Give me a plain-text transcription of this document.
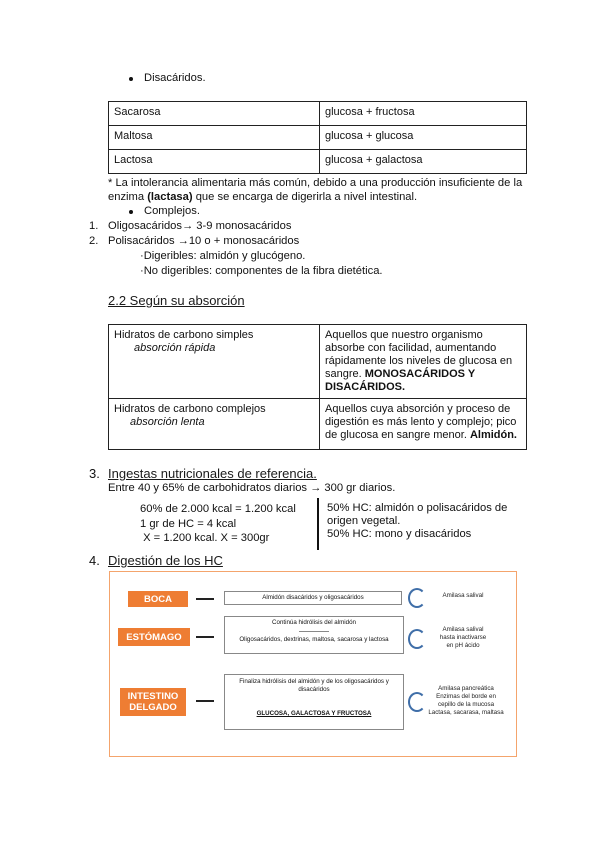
Disacáridos.
Sacarosa	glucosa + fructosa
Maltosa	glucosa + glucosa
Lactosa	glucosa + galactosa
* La intolerancia alimentaria más común, debido a una producción insuficiente de la
enzima (lactasa) que se encarga de digerirla a nivel intestinal.
Complejos.
1. Oligosacáridos→ 3-9 monosacáridos
2. Polisacáridos →10 o + monosacáridos
·Digeribles: almidón y glucógeno.
·No digeribles: componentes de la fibra dietética.
2.2 Según su absorción
Hidratos de carbono simples
absorción rápida	Aquellos que nuestro organismo absorbe con facilidad, aumentando rápidamente los niveles de glucosa en sangre. MONOSACÁRIDOS Y DISACÁRIDOS.

Hidratos de carbono complejos
absorción lenta	Aquellos cuya absorción y proceso de digestión es más lento y complejo; pico de glucosa en sangre menor. Almidón.
3. Ingestas nutricionales de referencia.
Entre 40 y 65% de carbohidratos diarios → 300 gr diarios.
60% de 2.000 kcal = 1.200 kcal
1 gr de HC = 4 kcal
X = 1.200 kcal. X = 300gr
50% HC: almidón o polisacáridos de
origen vegetal.
50% HC: mono y disacáridos
4. Digestión de los HC
BOCA	Almidón disacáridos y oligosacáridos	Amilasa salival
ESTÓMAGO
Continúa hidrólisis del almidón
Oligosacáridos, dextrinas, maltosa, sacarosa y lactosa
Amilasa salival
hasta inactivarse
en pH ácido
INTESTINO
DELGADO
Finaliza hidrólisis del almidón y de los oligosacáridos y
disacáridos
GLUCOSA, GALACTOSA Y FRUCTOSA
Amilasa pancreática
Enzimas del borde en
cepillo de la mucosa
Lactasa, sacarasa, maltasa
